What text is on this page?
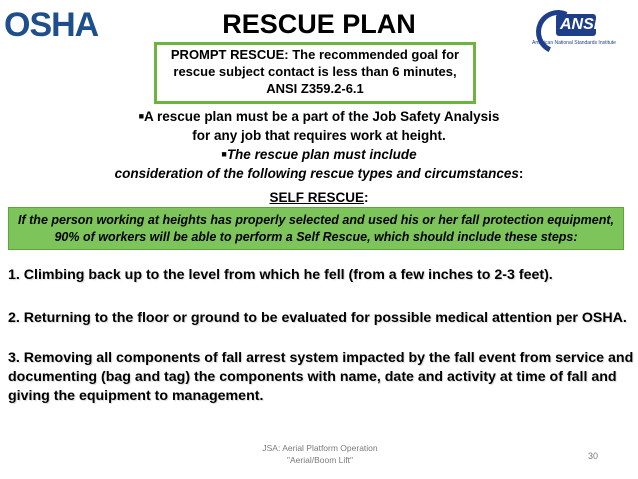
OSHA	ANSI
American National Standards Institute
RESCUE PLAN
PROMPT RESCUE: The recommended goal for
rescue subject contact is less than 6 minutes,
ANSI Z359.2-6.1
■A rescue plan must be a part of the Job Safety Analysis
for any job that requires work at height.
■The rescue plan must include
consideration of the following rescue types and circumstances:
SELF RESCUE:
If the person working at heights has properly selected and used his or her fall protection equipment,
90% of workers will be able to perform a Self Rescue, which should include these steps:
1. Climbing back up to the level from which he fell (from a few inches to 2-3 feet).
2. Returning to the floor or ground to be evaluated for possible medical attention per OSHA.
3. Removing all components of fall arrest system impacted by the fall event from service and
documenting (bag and tag) the components with name, date and activity at time of fall and
giving the equipment to management.
JSA: Aerial Platform Operation
"Aerial/Boom Lift"	30
